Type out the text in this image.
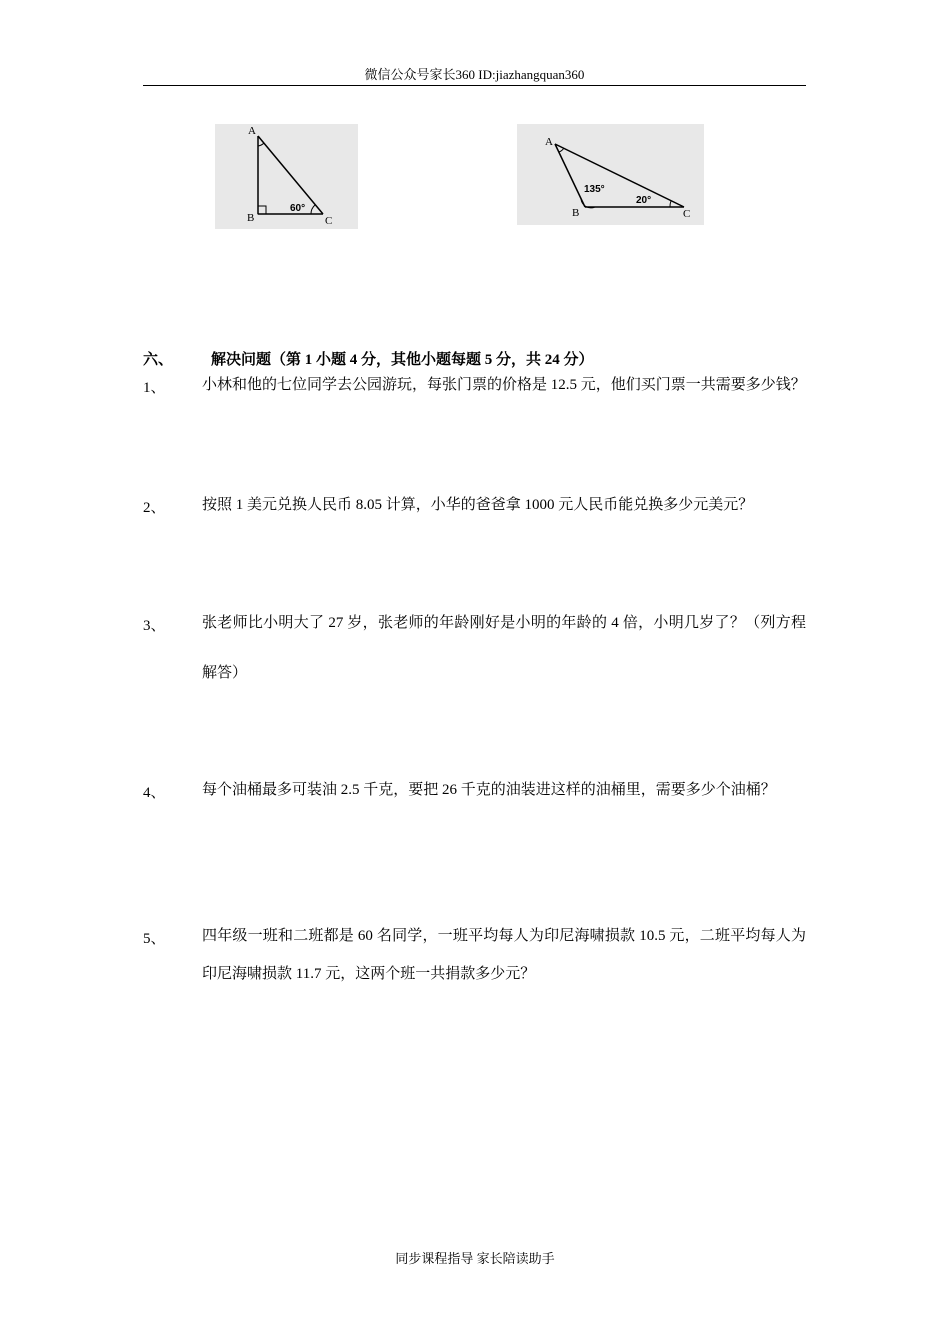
微信公众号家长360 ID:jiazhangquan360
A
B	C
60°
A
B	C
135°
20°
六、	解决问题（第 1 小题 4 分，其他小题每题 5 分，共 24 分）
1、 小林和他的七位同学去公园游玩，每张门票的价格是 12.5 元，他们买门票一共需要多少钱？
2、 按照 1 美元兑换人民币 8.05 计算，小华的爸爸拿 1000 元人民币能兑换多少元美元？
3、 张老师比小明大了 27 岁，张老师的年龄刚好是小明的年龄的 4 倍，小明几岁了？（列方程解答）
4、 每个油桶最多可装油 2.5 千克，要把 26 千克的油装进这样的油桶里，需要多少个油桶？
5、 四年级一班和二班都是 60 名同学，一班平均每人为印尼海啸损款 10.5 元，二班平均每人为印尼海啸损款 11.7 元，这两个班一共捐款多少元？
同步课程指导 家长陪读助手
